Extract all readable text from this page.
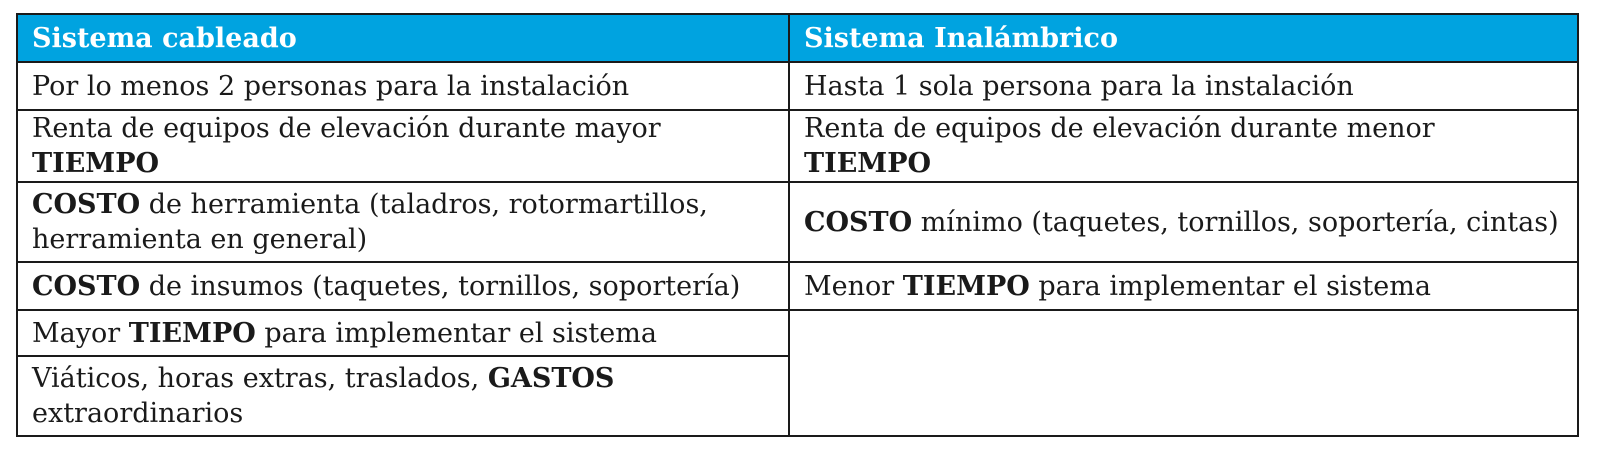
Sistema cableado	Sistema Inalámbrico
Por lo menos 2 personas para la instalación	Hasta 1 sola persona para la instalación
Renta de equipos de elevación durante mayor TIEMPO	Renta de equipos de elevación durante menor TIEMPO
COSTO de herramienta (taladros, rotormartillos, herramienta en general)	COSTO mínimo (taquetes, tornillos, soportería, cintas)
COSTO de insumos (taquetes, tornillos, soportería)	Menor TIEMPO para implementar el sistema
Mayor TIEMPO para implementar el sistema	
Viáticos, horas extras, traslados, GASTOS extraordinarios	
